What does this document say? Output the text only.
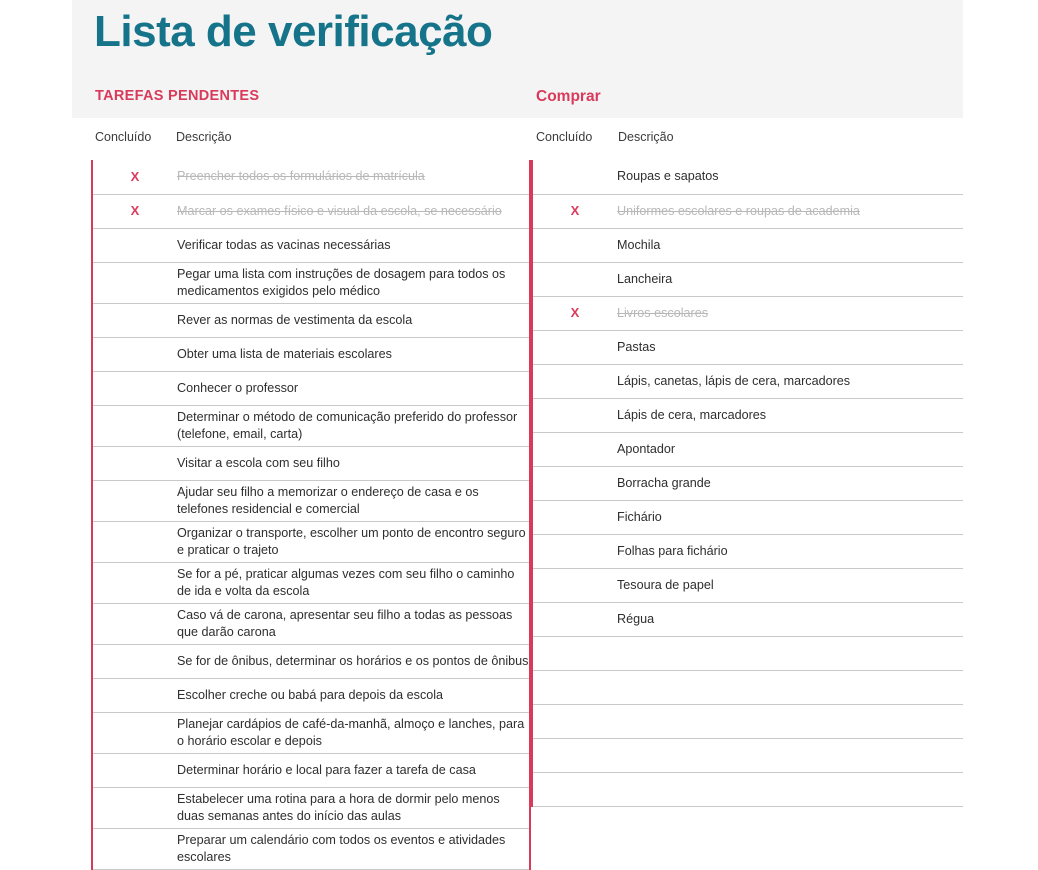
Lista de verificação
TAREFAS PENDENTES	Comprar
Concluído Descrição	Concluído Descrição
X	Preencher todos os formulários de matrícula

X	Marcar os exames físico e visual da escola, se necessário

	Verificar todas as vacinas necessárias

	Pegar uma lista com instruções de dosagem para todos os medicamentos exigidos pelo médico

	Rever as normas de vestimenta da escola

	Obter uma lista de materiais escolares

	Conhecer o professor

	Determinar o método de comunicação preferido do professor (telefone, email, carta)

	Visitar a escola com seu filho

	Ajudar seu filho a memorizar o endereço de casa e os telefones residencial e comercial

	Organizar o transporte, escolher um ponto de encontro seguro e praticar o trajeto

	Se for a pé, praticar algumas vezes com seu filho o caminho de ida e volta da escola

	Caso vá de carona, apresentar seu filho a todas as pessoas que darão carona

	Se for de ônibus, determinar os horários e os pontos de ônibus

	Escolher creche ou babá para depois da escola

	Planejar cardápios de café-da-manhã, almoço e lanches, para o horário escolar e depois

	Determinar horário e local para fazer a tarefa de casa

	Estabelecer uma rotina para a hora de dormir pelo menos duas semanas antes do início das aulas

	Preparar um calendário com todos os eventos e atividades escolares

	Roupas e sapatos

X	Uniformes escolares e roupas de academia

	Mochila

	Lancheira

X	Livros escolares

	Pastas

	Lápis, canetas, lápis de cera, marcadores

	Lápis de cera, marcadores

	Apontador

	Borracha grande

	Fichário

	Folhas para fichário

	Tesoura de papel

	Régua
